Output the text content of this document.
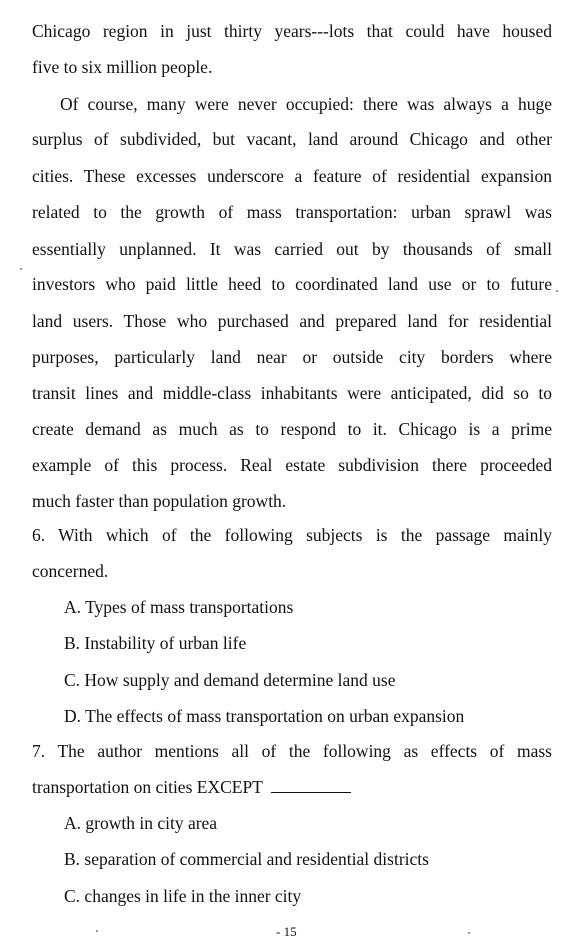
Chicago region in just thirty years---lots that could have housed
five to six million people.
Of course, many were never occupied: there was always a huge
surplus of subdivided, but vacant, land around Chicago and other
cities. These excesses underscore a feature of residential expansion
related to the growth of mass transportation: urban sprawl was
essentially unplanned. It was carried out by thousands of small
investors who paid little heed to coordinated land use or to future
land users. Those who purchased and prepared land for residential
purposes, particularly land near or outside city borders where
transit lines and middle-class inhabitants were anticipated, did so to
create demand as much as to respond to it. Chicago is a prime
example of this process. Real estate subdivision there proceeded
much faster than population growth.
6. With which of the following subjects is the passage mainly
concerned.
A. Types of mass transportations
B. Instability of urban life
C. How supply and demand determine land use
D. The effects of mass transportation on urban expansion
7. The author mentions all of the following as effects of mass
transportation on cities EXCEPT
A. growth in city area
B. separation of commercial and residential districts
C. changes in life in the inner city
- 15
